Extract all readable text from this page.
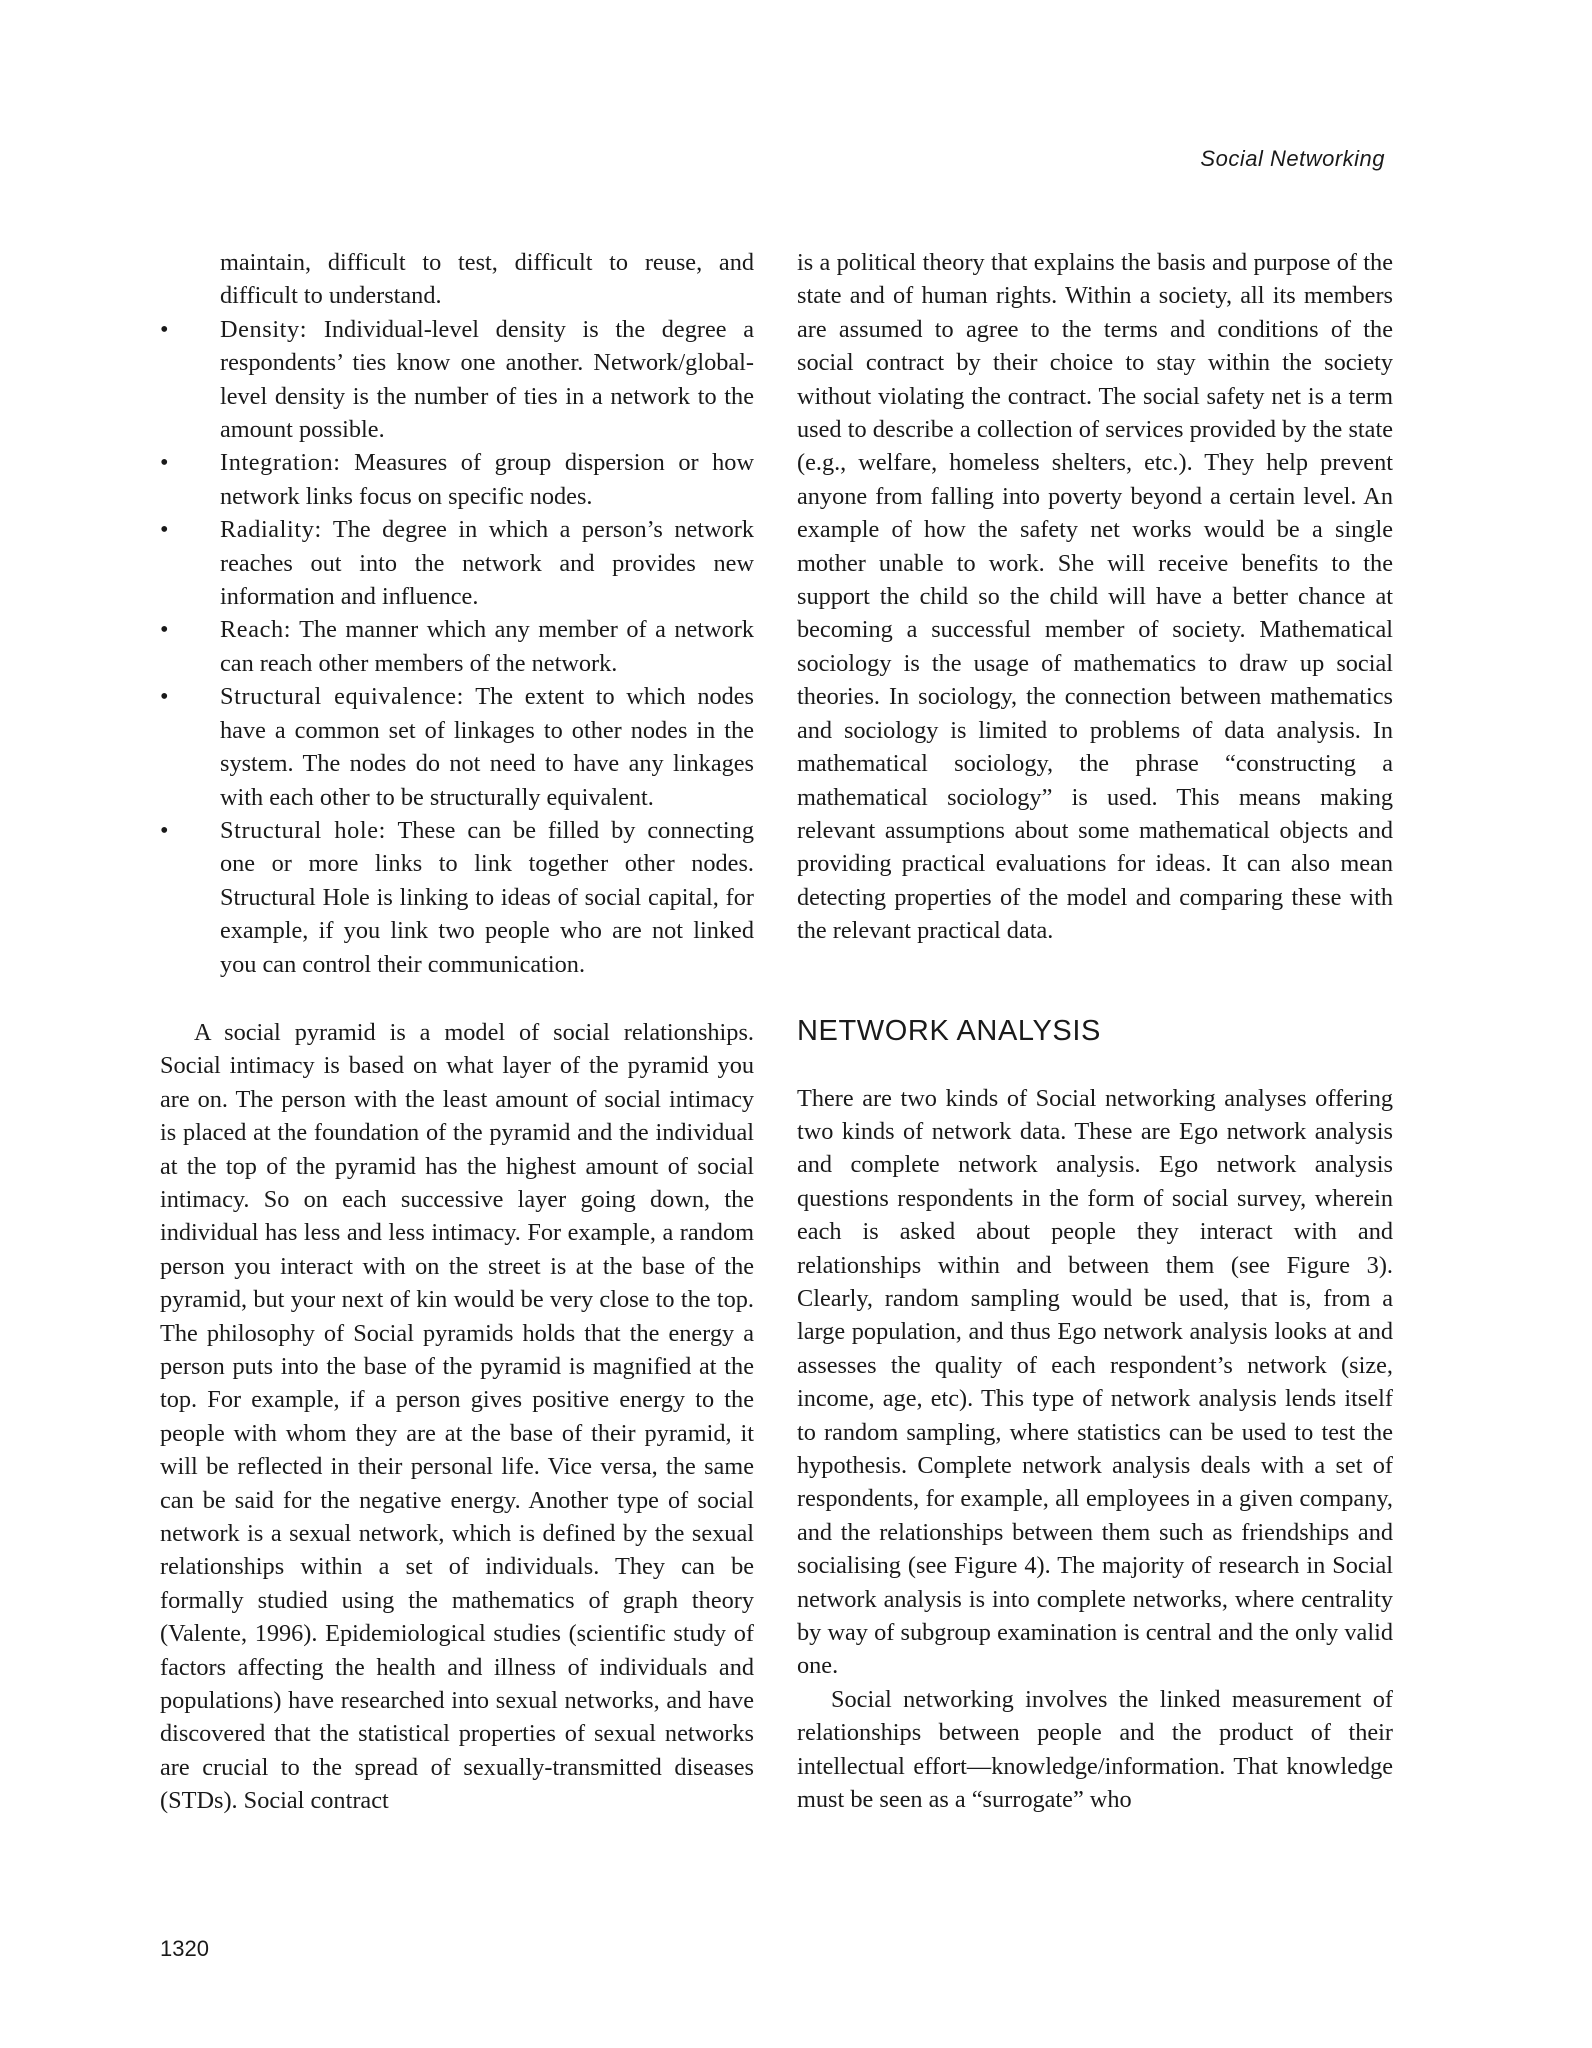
Social Networking

maintain, difficult to test, difficult to reuse, and difficult to understand.

•	Density: Individual-level density is the degree a respondents’ ties know one another. Network/global-level density is the number of ties in a network to the amount possible.
•	Integration: Measures of group dispersion or how network links focus on specific nodes.
•	Radiality: The degree in which a person’s network reaches out into the network and provides new information and influence.
•	Reach: The manner which any member of a network can reach other members of the network.
•	Structural equivalence: The extent to which nodes have a common set of linkages to other nodes in the system. The nodes do not need to have any linkages with each other to be structurally equivalent.
•	Structural hole: These can be filled by connecting one or more links to link together other nodes. Structural Hole is linking to ideas of social capital, for example, if you link two people who are not linked you can control their communication.

A social pyramid is a model of social relationships. Social intimacy is based on what layer of the pyramid you are on. The person with the least amount of social intimacy is placed at the foundation of the pyramid and the individual at the top of the pyramid has the highest amount of social intimacy. So on each successive layer going down, the individual has less and less intimacy. For example, a random person you interact with on the street is at the base of the pyramid, but your next of kin would be very close to the top. The philosophy of Social pyramids holds that the energy a person puts into the base of the pyramid is magnified at the top. For example, if a person gives positive energy to the people with whom they are at the base of their pyramid, it will be reflected in their personal life. Vice versa, the same can be said for the negative energy. Another type of social network is a sexual network, which is defined by the sexual relationships within a set of individuals. They can be formally studied using the mathematics of graph theory (Valente, 1996). Epidemiological studies (scientific study of factors affecting the health and illness of individuals and populations) have researched into sexual networks, and have discovered that the statistical properties of sexual networks are crucial to the spread of sexually-transmitted diseases (STDs). Social contract

is a political theory that explains the basis and purpose of the state and of human rights. Within a society, all its members are assumed to agree to the terms and conditions of the social contract by their choice to stay within the society without violating the contract. The social safety net is a term used to describe a collection of services provided by the state (e.g., welfare, homeless shelters, etc.). They help prevent anyone from falling into poverty beyond a certain level. An example of how the safety net works would be a single mother unable to work. She will receive benefits to the support the child so the child will have a better chance at becoming a successful member of society. Mathematical sociology is the usage of mathematics to draw up social theories. In sociology, the connection between mathematics and sociology is limited to problems of data analysis. In mathematical sociology, the phrase “constructing a mathematical sociology” is used. This means making relevant assumptions about some mathematical objects and providing practical evaluations for ideas. It can also mean detecting properties of the model and comparing these with the relevant practical data.

NETWORK ANALYSIS

There are two kinds of Social networking analyses offering two kinds of network data. These are Ego network analysis and complete network analysis. Ego network analysis questions respondents in the form of social survey, wherein each is asked about people they interact with and relationships within and between them (see Figure 3). Clearly, random sampling would be used, that is, from a large population, and thus Ego network analysis looks at and assesses the quality of each respondent’s network (size, income, age, etc). This type of network analysis lends itself to random sampling, where statistics can be used to test the hypothesis. Complete network analysis deals with a set of respondents, for example, all employees in a given company, and the relationships between them such as friendships and socialising (see Figure 4). The majority of research in Social network analysis is into complete networks, where centrality by way of subgroup examination is central and the only valid one.

Social networking involves the linked measurement of relationships between people and the product of their intellectual effort—knowledge/information. That knowledge must be seen as a “surrogate” who

1320
